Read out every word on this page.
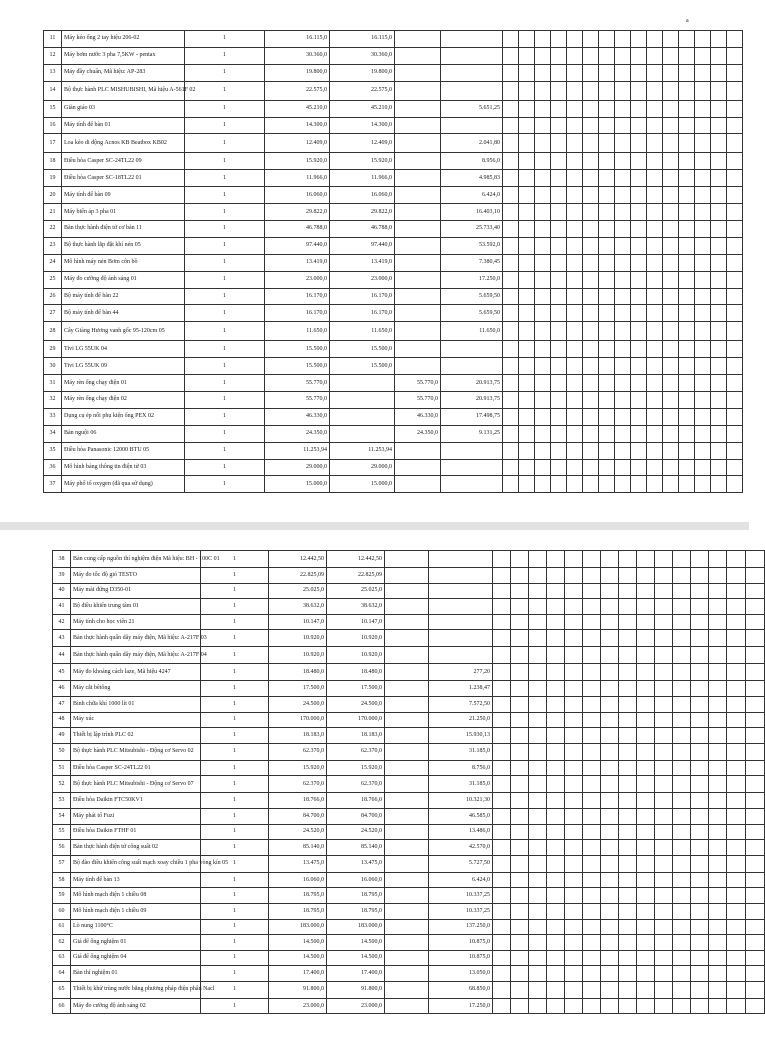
a
11	Máy kéo ống 2 tay hiệu 206-02	1	16.115,0	16.115,0																	
12	Máy bơm nước 3 pha 7,5KW - pentax	1	30.360,0	30.360,0																	
13	Máy đầy chuẩn, Mã hiệu: AP-283	1	19.800,0	19.800,0																	
14	Bộ thực hành PLC MISHUBISHI, Mã hiệu A-561F 02	1	22.575,0	22.575,0																	
15	Giàn giáo 03	1	45.210,0	45.210,0		5.651,25															
16	Máy tính để bàn 01	1	14.300,0	14.300,0																	
17	Loa kéo di động Acnos KB Beatbox KB02	1	12.409,0	12.409,0		2.041,80															
18	Điều hòa Casper SC-24TL22 09	1	15.920,0	15.920,0		8.956,0															
19	Điều hòa Casper SC-18TL22 01	1	11.966,0	11.966,0		4.985,83															
20	Máy tính để bàn 09	1	16.060,0	16.060,0		6.424,0															
21	Máy biến áp 3 pha 01	1	29.822,0	29.822,0		16.403,10															
22	Bàn thực hành điện tử cơ bản 11	1	46.788,0	46.788,0		25.733,40															
23	Bộ thực hành lắp đặt khí nén 05	1	97.440,0	97.440,0		53.592,0															
24	Mô hình máy nén Bơm côn bồ	1	13.419,0	13.419,0		7.380,45															
25	Máy đo cường độ ánh sáng 01	1	23.000,0	23.000,0		17.250,0															
26	Bộ máy tính để bàn 22	1	16.170,0	16.170,0		5.659,50															
27	Bộ máy tính để bàn 44	1	16.170,0	16.170,0		5.659,50															
28	Cây Giàng Hương vanh gốc 95-120cm 05	1	11.650,0	11.650,0		11.650,0															
29	Tivi LG 55UK 04	1	15.500,0	15.500,0																	
30	Tivi LG 55UK 09	1	15.500,0	15.500,0																	
31	Máy rèn ống chạy điện 01	1	55.770,0		55.770,0	20.913,75															
32	Máy rèn ống chạy điện 02	1	55.770,0		55.770,0	20.913,75															
33	Dụng cụ ép nối phụ kiện ống PEX 02	1	46.330,0		46.330,0	17.498,75															
34	Bàn nguội 06	1	24.350,0		24.350,0	9.131,25															
35	Điều hòa Panasonic 12000 BTU 05	1	11.253,94	11.253,94																	
36	Mô hình bảng thông tin điện tử 03	1	29.000,0	29.000,0																	
37	Máy phổ tổ oxygen (đã qua sử dụng)	1	15.000,0	15.000,0																	
38	Bàn cung cấp nguồn thí nghiệm điện Mã hiệu: BH - 100C 01	1	12.442,50	12.442,50																	
39	Máy đo tốc độ gió TESTO	1	22.825,09	22.825,09																	
40	Máy mài đứng D350-01	1	25.025,0	25.025,0																	
41	Bộ điều khiển trung tâm 01	1	38.632,0	38.632,0																	
42	Máy tính cho học viên 21	1	10.147,0	10.147,0																	
43	Bàn thực hành quấn dây máy điện, Mã hiệu: A-217F 03	1	10.920,0	10.920,0																	
44	Bàn thực hành quấn dây máy điện, Mã hiệu: A-217F 04	1	10.920,0	10.920,0																	
45	Máy đo khoảng cách laze, Mã hiệu 4247	1	18.480,0	18.480,0		277,20															
46	Máy cắt bêtông	1	17.500,0	17.500,0		1.238,47															
47	Bình chữa khí 1000 lít 01	1	24.500,0	24.500,0		7.572,50															
48	Máy xúc	1	170.000,0	170.000,0		21.250,0															
49	Thiết bị lập trình PLC 02	1	18.183,0	18.183,0		15.930,13															
50	Bộ thực hành PLC Mitsubishi - Động cơ Servo 02	1	62.370,0	62.370,0		31.185,0															
51	Điều hòa Casper SC-24TL22 01	1	15.920,0	15.920,0		8.756,0															
52	Bộ thực hành PLC Mitsubishi - Động cơ Servo 07	1	62.370,0	62.370,0		31.185,0															
53	Điều hòa Daikin FTC50KV1	1	18.766,0	18.766,0		10.321,30															
54	Máy phát tổ Fuzi	1	84.700,0	84.700,0		46.585,0															
55	Điều hòa Daikin FTHF 01	1	24.520,0	24.520,0		13.486,0															
56	Bàn thực hành điện tử công suất 02	1	85.140,0	85.140,0		42.570,0															
57	Bộ đào điều khiển công suất mạch xoay chiều 1 pha vòng kín 05	1	13.475,0	13.475,0		5.727,50															
58	Máy tính để bàn 13	1	16.060,0	16.060,0		6.424,0															
59	Mô hình mạch điện 1 chiều 08	1	18.795,0	18.795,0		10.337,25															
60	Mô hình mạch điện 1 chiều 09	1	18.795,0	18.795,0		10.337,25															
61	Lò nung 1100°C	1	183.000,0	183.000,0		137.250,0															
62	Giá để ống nghiệm 01	1	14.500,0	14.500,0		10.875,0															
63	Giá để ống nghiệm 04	1	14.500,0	14.500,0		10.875,0															
64	Bàn thí nghiệm 01	1	17.400,0	17.400,0		13.050,0															
65	Thiết bị khử trùng nước bằng phương pháp điện phân Nacl	1	91.800,0	91.800,0		68.850,0															
66	Máy đo cường độ ánh sáng 02	1	23.000,0	23.000,0		17.250,0															
